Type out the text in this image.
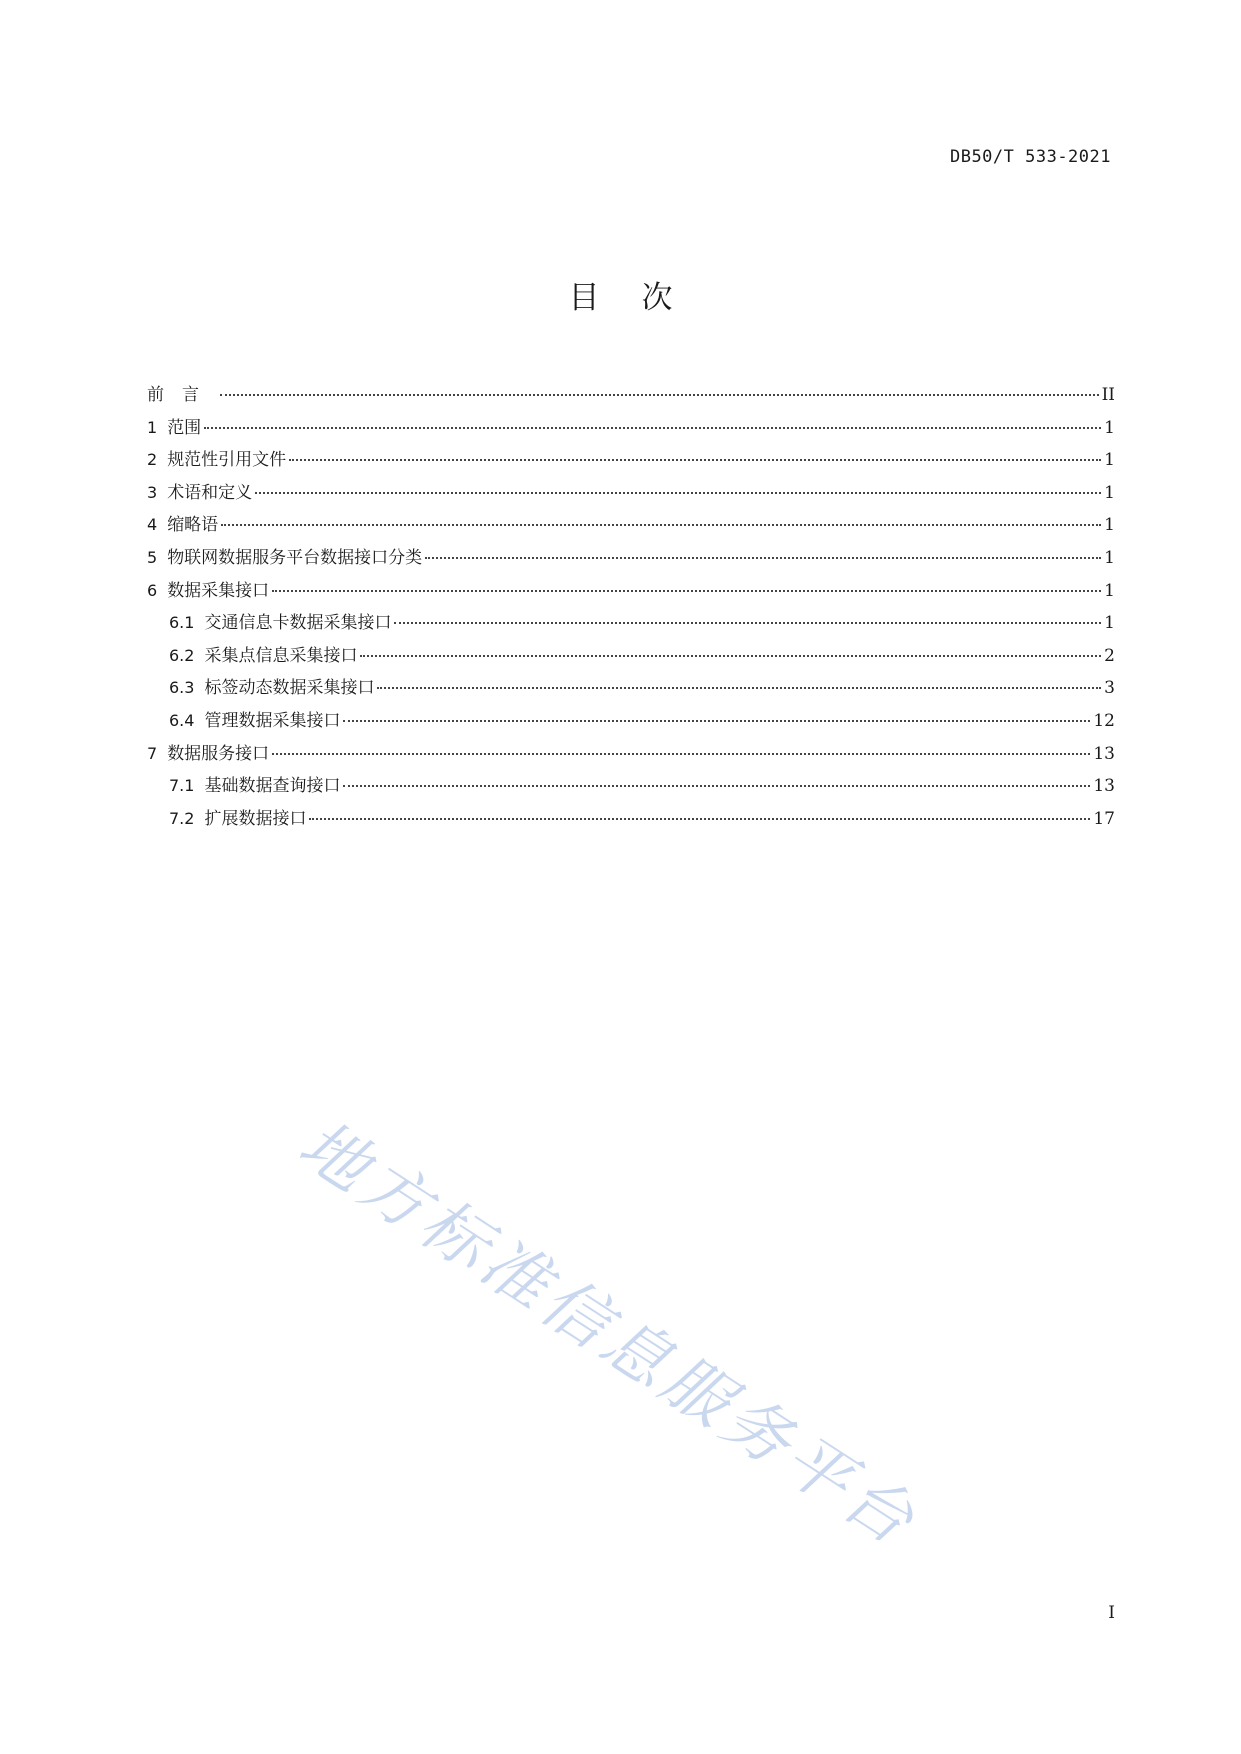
DB50/T 533-2021
目次
前言	II
1 范围	1
2 规范性引用文件	1
3 术语和定义	1
4 缩略语	1
5 物联网数据服务平台数据接口分类	1
6 数据采集接口	1
6.1 交通信息卡数据采集接口	1
6.2 采集点信息采集接口	2
6.3 标签动态数据采集接口	3
6.4 管理数据采集接口	12
7 数据服务接口	13
7.1 基础数据查询接口	13
7.2 扩展数据接口	17
地方标准信息服务平台
I
